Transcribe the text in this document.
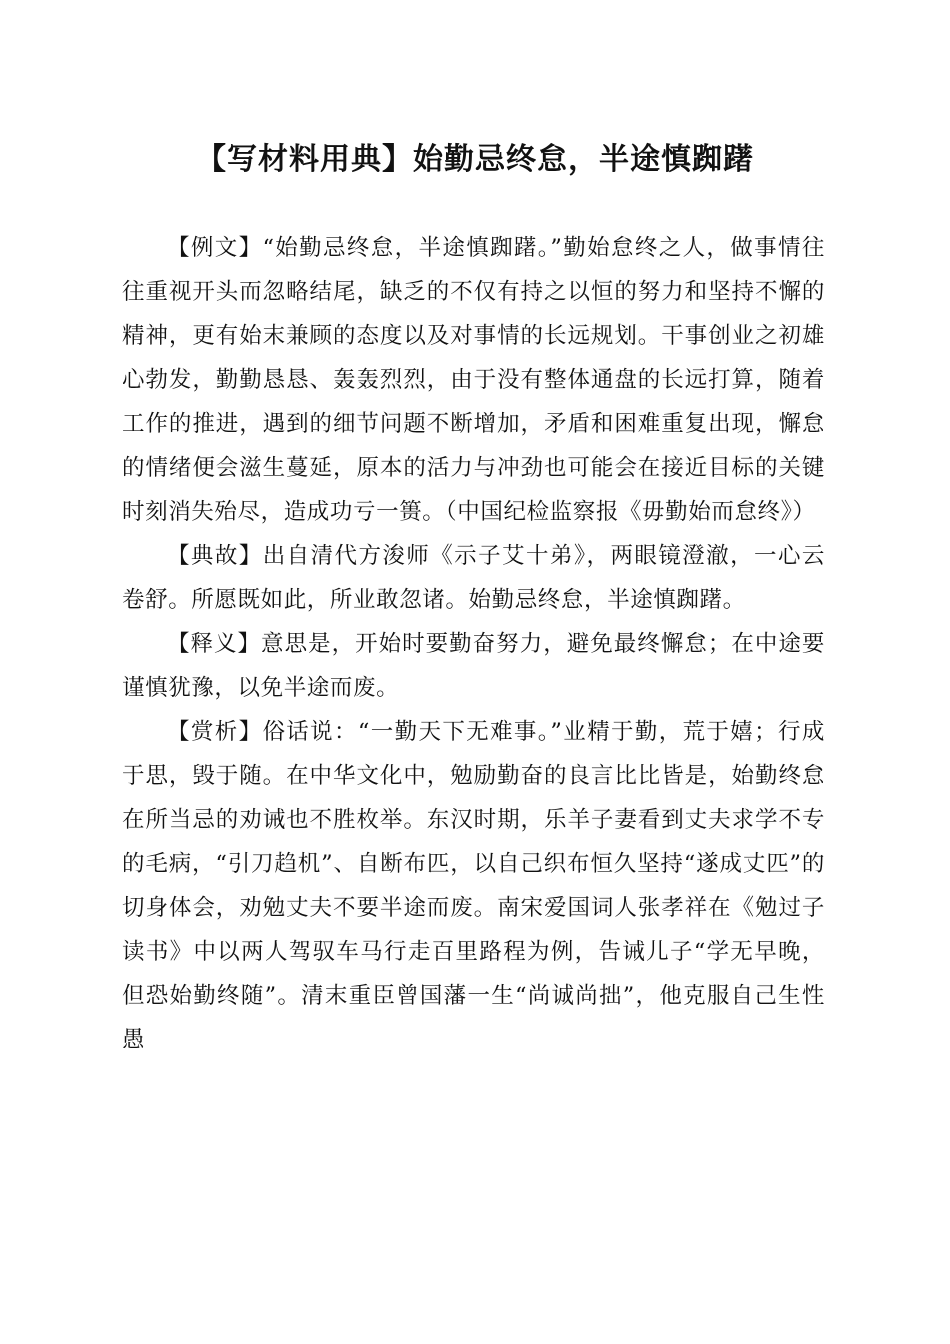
【写材料用典】始勤忌终怠，半途慎踟躇

【例文】“始勤忌终怠，半途慎踟躇。”勤始怠终之人，做事情往往重视开头而忽略结尾，缺乏的不仅有持之以恒的努力和坚持不懈的精神，更有始末兼顾的态度以及对事情的长远规划。干事创业之初雄心勃发，勤勤恳恳、轰轰烈烈，由于没有整体通盘的长远打算，随着工作的推进，遇到的细节问题不断增加，矛盾和困难重复出现，懈怠的情绪便会滋生蔓延，原本的活力与冲劲也可能会在接近目标的关键时刻消失殆尽，造成功亏一篑。（中国纪检监察报《毋勤始而怠终》）

【典故】出自清代方浚师《示子艾十弟》，两眼镜澄澈，一心云卷舒。所愿既如此，所业敢忽诸。始勤忌终怠，半途慎踟躇。

【释义】意思是，开始时要勤奋努力，避免最终懈怠；在中途要谨慎犹豫，以免半途而废。

【赏析】俗话说：“一勤天下无难事。”业精于勤，荒于嬉；行成于思，毁于随。在中华文化中，勉励勤奋的良言比比皆是，始勤终怠在所当忌的劝诫也不胜枚举。东汉时期，乐羊子妻看到丈夫求学不专的毛病，“引刀趋机”、自断布匹，以自己织布恒久坚持“遂成丈匹”的切身体会，劝勉丈夫不要半途而废。南宋爱国词人张孝祥在《勉过子读书》中以两人驾驭车马行走百里路程为例，告诫儿子“学无早晚，但恐始勤终随”。清末重臣曾国藩一生“尚诚尚拙”，他克服自己生性愚
